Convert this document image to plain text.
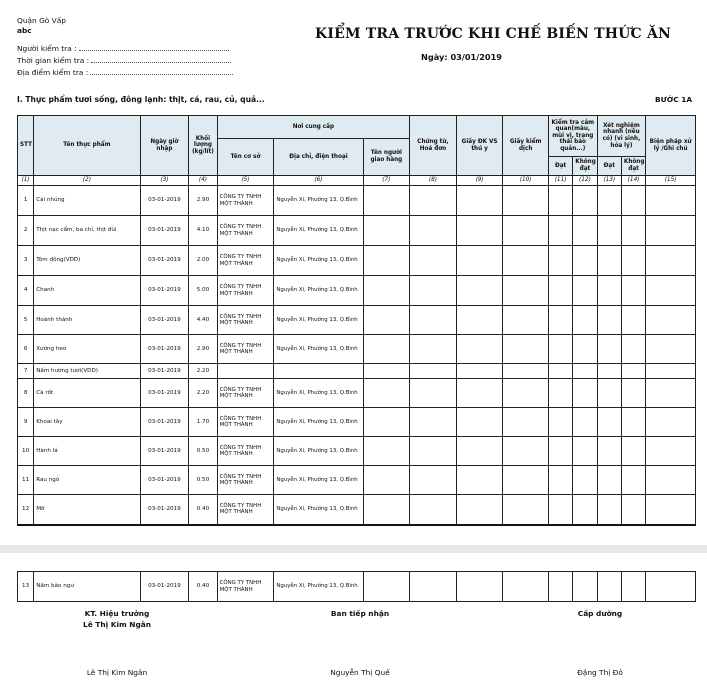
Quận Gò Vấp
abc
Người kiểm tra :
Thời gian kiểm tra :
Địa điểm kiểm tra :
KIỂM TRA TRƯỚC KHI CHẾ BIẾN THỨC ĂN
Ngày: 03/01/2019
I. Thực phẩm tươi sống, đông lạnh: thịt, cá, rau, củ, quả...	BƯỚC 1A
STT	Tên thực phẩm	Ngày giờ nhập	Khối lượng (kg/lít)	Nơi cung cấp			Chứng từ, Hoá đơn	Giấy ĐK VS thú y	Giấy kiểm dịch	Kiểm tra cảm quan(màu, mùi vị, trạng thái bảo quản...)		Xét nghiệm nhanh (nếu có) (vi sinh, hóa lý)		Biện pháp xử lý /Ghi chú
				Tên cơ sở	Địa chỉ, điện thoại	Tên người giao hàng								
										Đạt	Không đạt	Đạt	Không đạt	
(1)	(2)	(3)	(4)	(5)	(6)	(7)	(8)	(9)	(10)	(11)	(12)	(13)	(14)	(15)
1	Cải nhúng	03-01-2019	2.90	CÔNG TY TNHH MỘT THÀNH	Nguyễn Xí, Phường 13, Q.Bình									
2	Thịt nạc cẩm, ba chỉ, thịt đùi	03-01-2019	4.10	CÔNG TY TNHH MỘT THÀNH	Nguyễn Xí, Phường 13, Q.Bình									
3	Tôm đông(VDD)	03-01-2019	2.00	CÔNG TY TNHH MỘT THÀNH	Nguyễn Xí, Phường 13, Q.Bình									
4	Chanh	03-01-2019	5.00	CÔNG TY TNHH MỘT THÀNH	Nguyễn Xí, Phường 13, Q.Bình									
5	Hoành thánh	03-01-2019	4.40	CÔNG TY TNHH MỘT THÀNH	Nguyễn Xí, Phường 13, Q.Bình									
6	Xương heo	03-01-2019	2.90	CÔNG TY TNHH MỘT THÀNH	Nguyễn Xí, Phường 13, Q.Bình									
7	Nấm hương tươi(VDD)	03-01-2019	2.20											
8	Cà rốt	03-01-2019	2.20	CÔNG TY TNHH MỘT THÀNH	Nguyễn Xí, Phường 13, Q.Bình									
9	Khoai tây	03-01-2019	1.70	CÔNG TY TNHH MỘT THÀNH	Nguyễn Xí, Phường 13, Q.Bình									
10	Hành lá	03-01-2019	0.50	CÔNG TY TNHH MỘT THÀNH	Nguyễn Xí, Phường 13, Q.Bình									
11	Rau ngò	03-01-2019	0.50	CÔNG TY TNHH MỘT THÀNH	Nguyễn Xí, Phường 13, Q.Bình									
12	Mỡ	03-01-2019	0.40	CÔNG TY TNHH MỘT THÀNH	Nguyễn Xí, Phường 13, Q.Bình									
13	Nấm bào ngư	03-01-2019	0.40	CÔNG TY TNHH MỘT THÀNH	Nguyễn Xí, Phường 13, Q.Bình									
KT. Hiệu trưởng
Lê Thị Kim Ngân
Ban tiếp nhận	Cấp dưỡng
Lê Thị Kim Ngân	Nguyễn Thị Quế	Đặng Thị Đô
